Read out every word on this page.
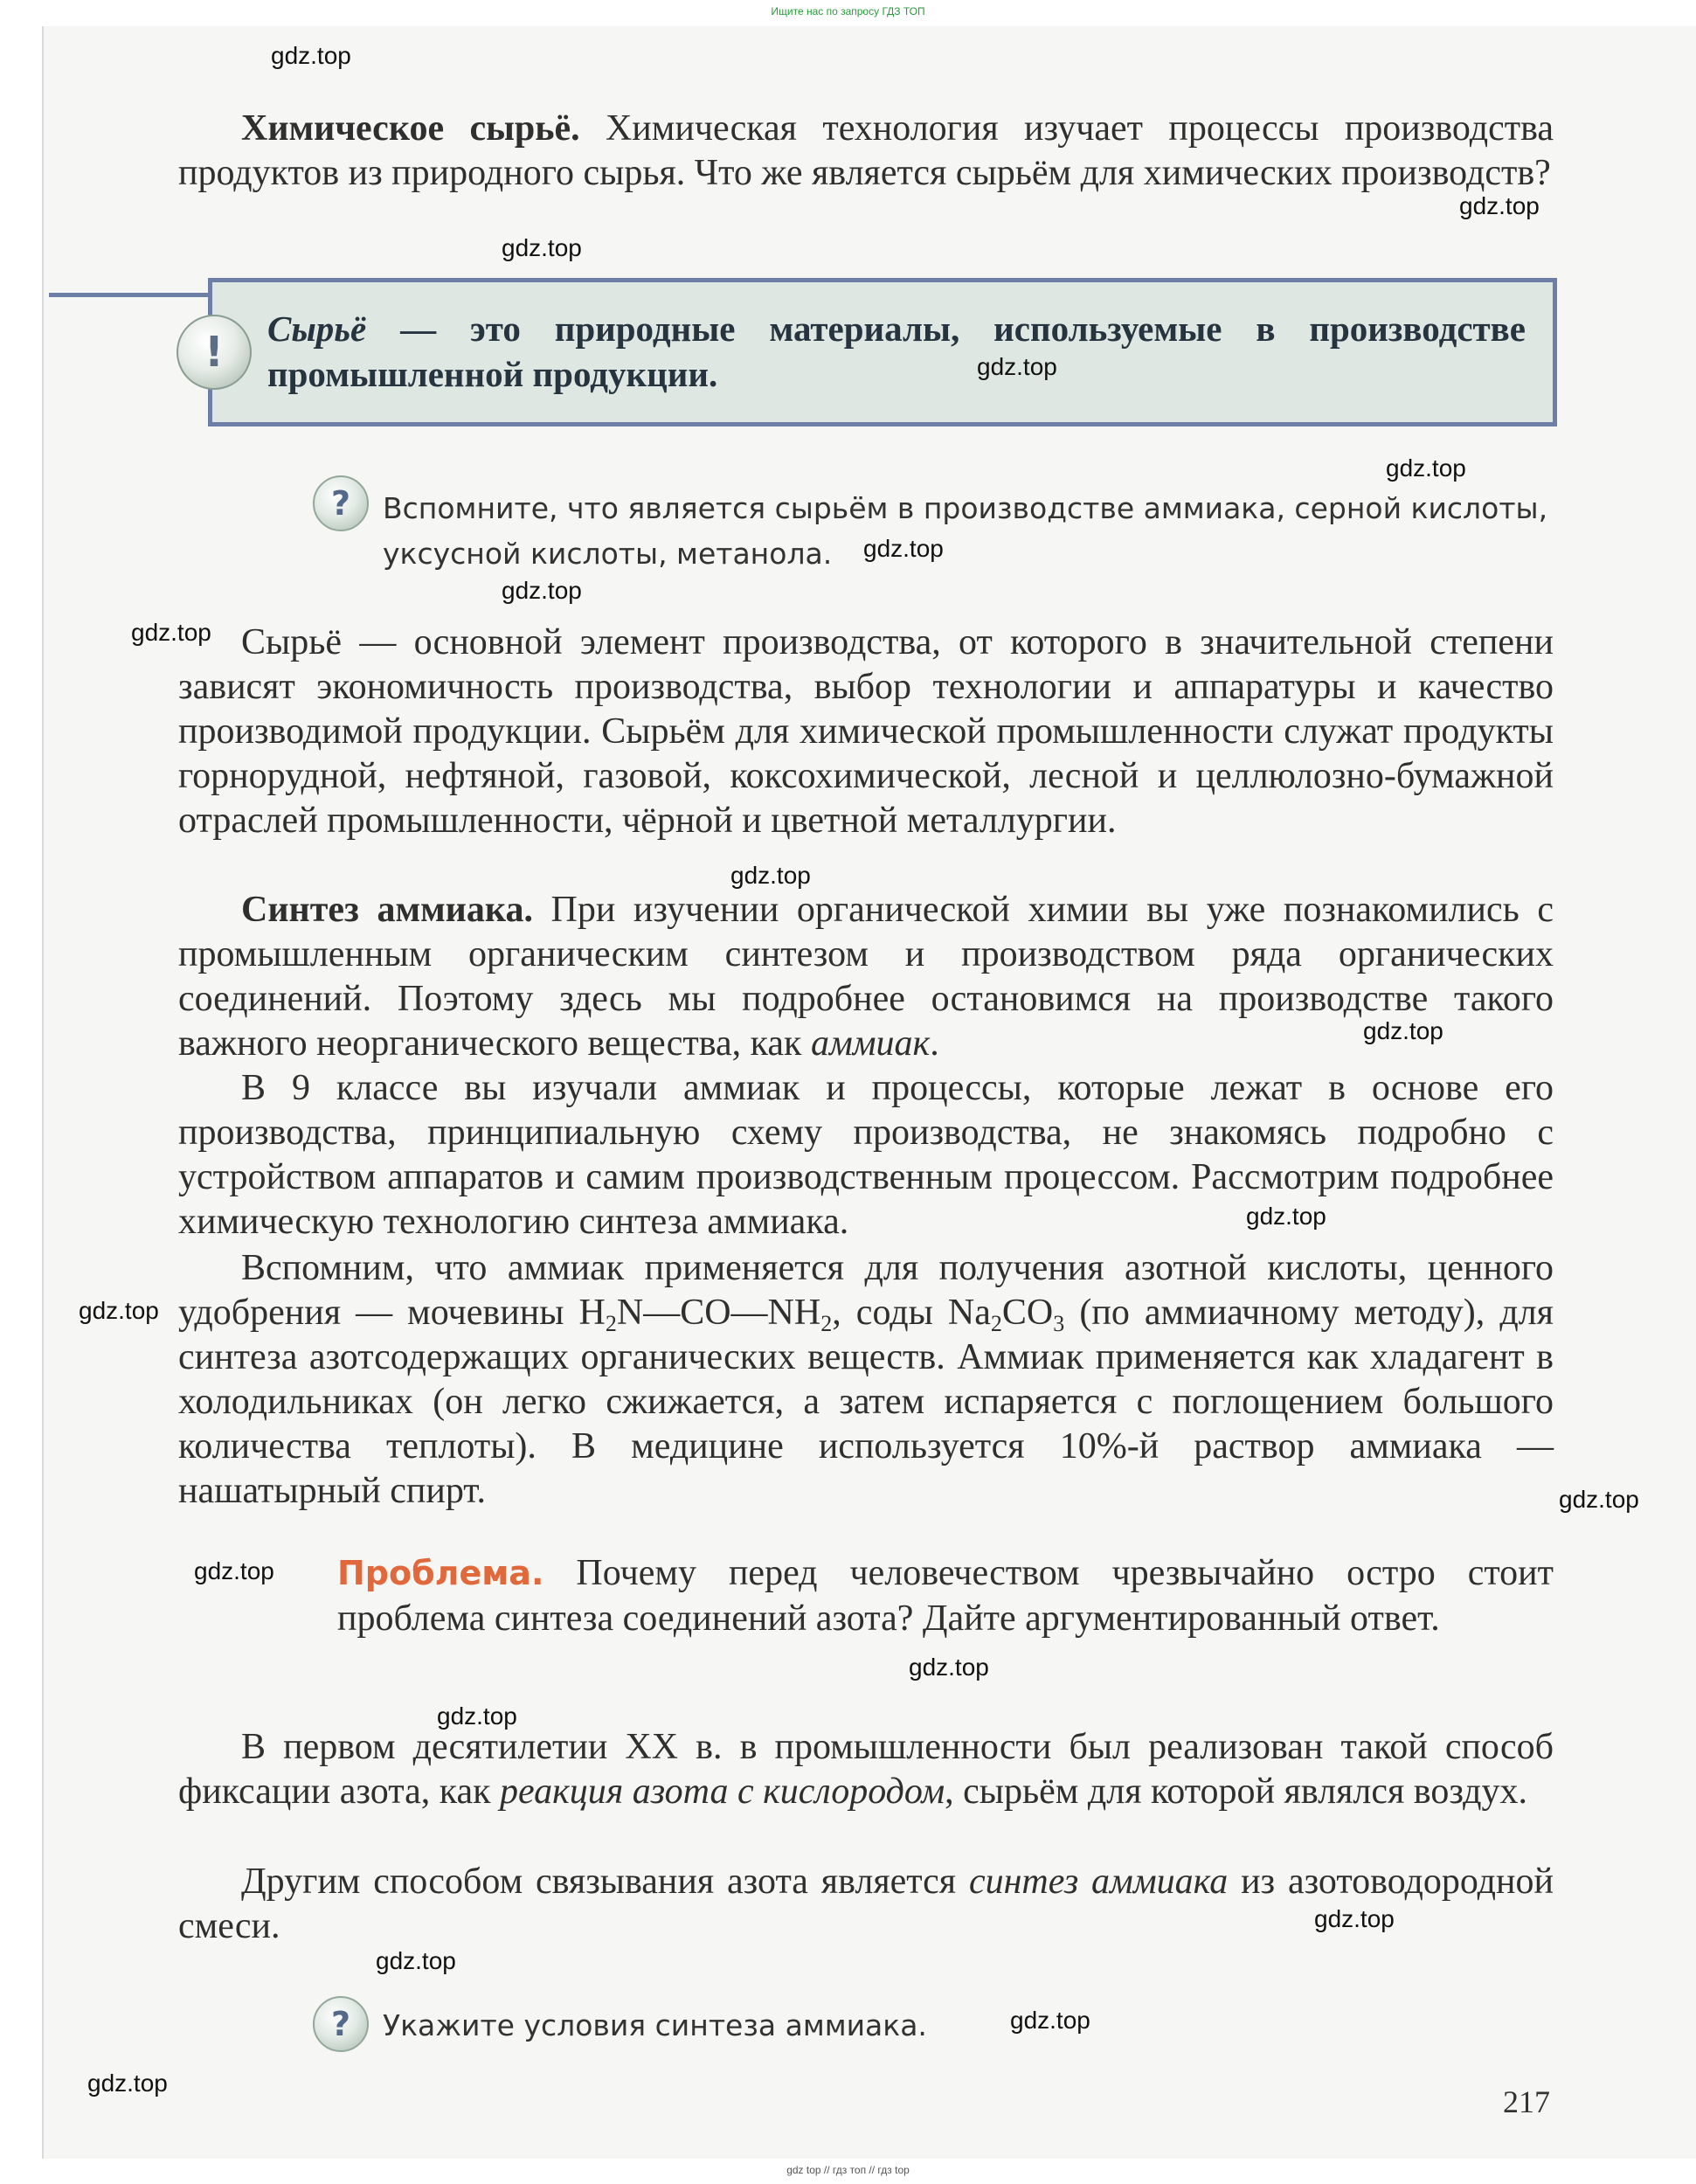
Ищите нас по запросу ГДЗ ТОП
Химическое сырьё. Химическая технология изучает процессы производства продуктов из природного сырья. Что же является сырьём для химических производств?
!	Сырьё — это природные материалы, используемые в производстве промышленной продукции.
?	Вспомните, что является сырьём в производстве аммиака, серной кислоты, уксусной кислоты, метанола.
Сырьё — основной элемент производства, от которого в значительной степени зависят экономичность производства, выбор технологии и аппаратуры и качество производимой продукции. Сырьём для химической промышленности служат продукты горнорудной, нефтяной, газовой, коксохимической, лесной и целлюлозно-бумажной отраслей промышленности, чёрной и цветной металлургии.
Синтез аммиака. При изучении органической химии вы уже познакомились с промышленным органическим синтезом и производством ряда органических соединений. Поэтому здесь мы подробнее остановимся на производстве такого важного неорганического вещества, как аммиак.
В 9 классе вы изучали аммиак и процессы, которые лежат в основе его производства, принципиальную схему производства, не знакомясь подробно с устройством аппаратов и самим производственным процессом. Рассмотрим подробнее химическую технологию синтеза аммиака.
Вспомним, что аммиак применяется для получения азотной кислоты, ценного удобрения — мочевины $H_2N—CO—NH_2$, соды $Na_2CO_3$ (по аммиачному методу), для синтеза азотсодержащих органических веществ. Аммиак применяется как хладагент в холодильниках (он легко сжижается, а затем испаряется с поглощением большого количества теплоты). В медицине используется 10%-й раствор аммиака — нашатырный спирт.
Проблема. Почему перед человечеством чрезвычайно остро стоит проблема синтеза соединений азота? Дайте аргументированный ответ.
В первом десятилетии XX в. в промышленности был реализован такой способ фиксации азота, как реакция азота с кислородом, сырьём для которой являлся воздух.
Другим способом связывания азота является синтез аммиака из азотоводородной смеси.
?	Укажите условия синтеза аммиака.
217
gdz.top
gdz.top
gdz.top
gdz.top
gdz.top
gdz.top
gdz.top
gdz.top
gdz.top
gdz.top
gdz.top
gdz.top
gdz.top
gdz.top
gdz.top
gdz.top
gdz.top
gdz.top
gdz.top
gdz.top
gdz top // гдз топ // гдз top
